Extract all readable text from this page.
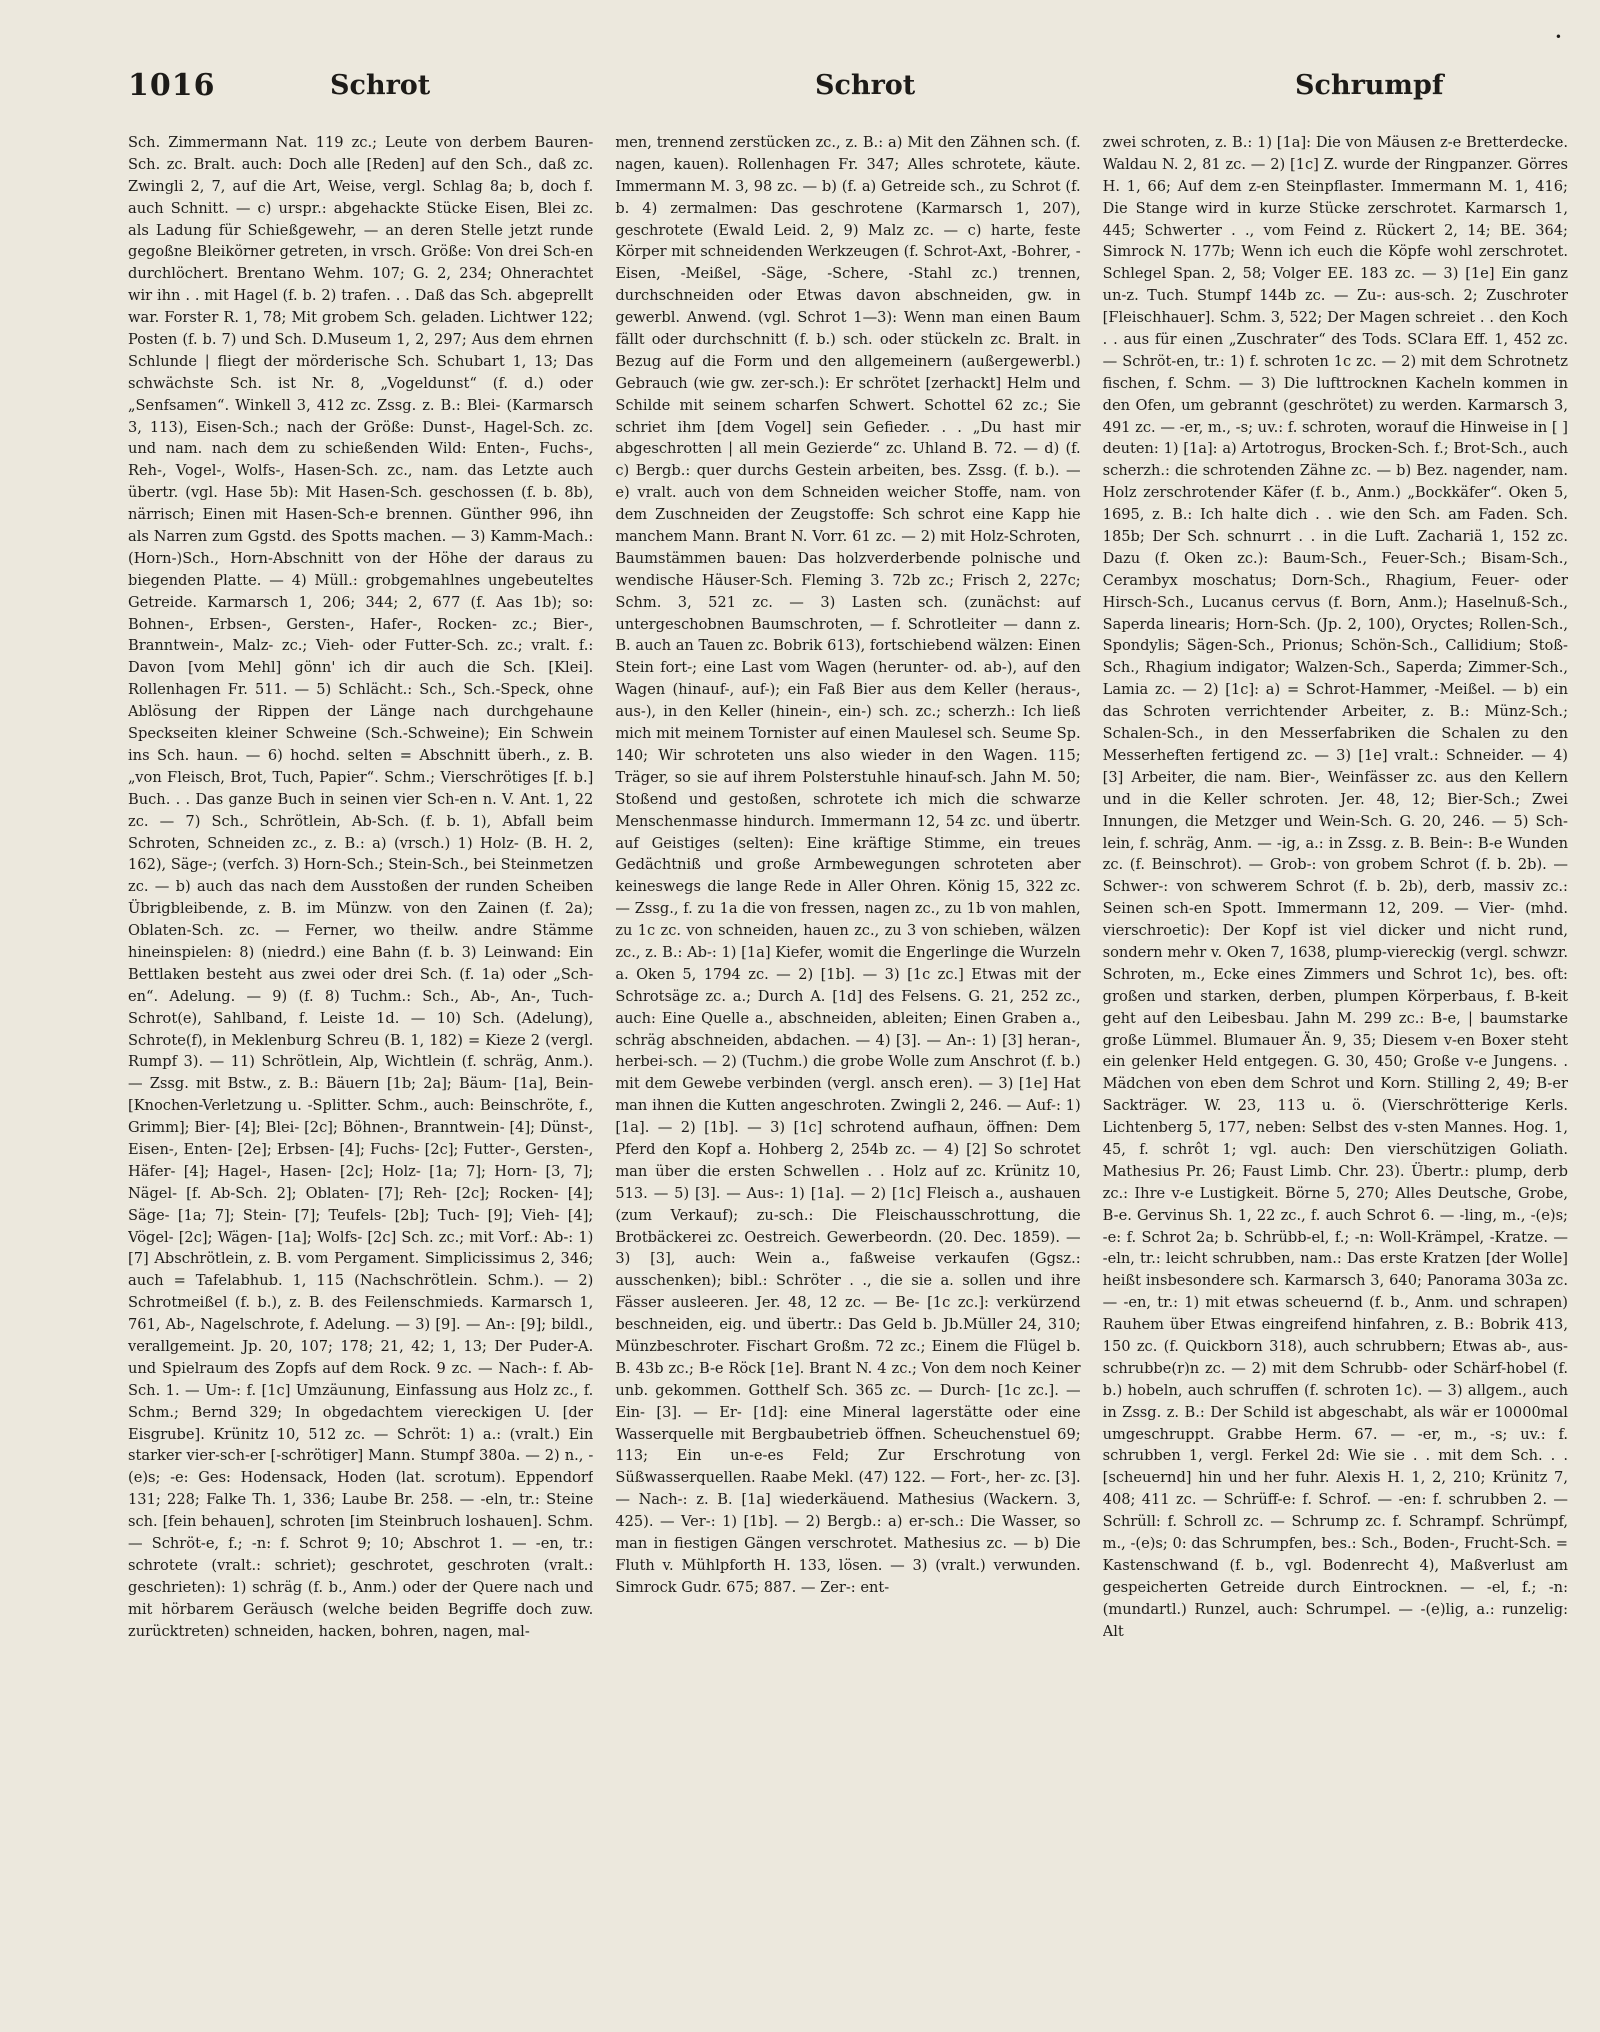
•
1016	Schrot	Schrot	Schrumpf

Sch. Zimmermann Nat. 119 zc.; Leute von derbem Bauren-Sch. zc. Bralt. auch: Doch alle [Reden] auf den Sch., daß zc. Zwingli 2, 7, auf die Art, Weise, vergl. Schlag 8a; b, doch f. auch Schnitt. — c) urspr.: abgehackte Stücke Eisen, Blei zc. als Ladung für Schießgewehr, — an deren Stelle jetzt runde gegoßne Bleikörner getreten, in vrsch. Größe: Von drei Sch-en durchlöchert. Brentano Wehm. 107; G. 2, 234; Ohnerachtet wir ihn . . mit Hagel (f. b. 2) trafen. . . Daß das Sch. abgeprellt war. Forster R. 1, 78; Mit grobem Sch. geladen. Lichtwer 122; Posten (f. b. 7) und Sch. D.Museum 1, 2, 297; Aus dem ehrnen Schlunde | fliegt der mörderische Sch. Schubart 1, 13; Das schwächste Sch. ist Nr. 8, „Vogeldunst“ (f. d.) oder „Senfsamen“. Winkell 3, 412 zc. Zssg. z. B.: Blei- (Karmarsch 3, 113), Eisen-Sch.; nach der Größe: Dunst-, Hagel-Sch. zc. und nam. nach dem zu schießenden Wild: Enten-, Fuchs-, Reh-, Vogel-, Wolfs-, Hasen-Sch. zc., nam. das Letzte auch übertr. (vgl. Hase 5b): Mit Hasen-Sch. geschossen (f. b. 8b), närrisch; Einen mit Hasen-Sch-e brennen. Günther 996, ihn als Narren zum Ggstd. des Spotts machen. — 3) Kamm-Mach.: (Horn-)Sch., Horn-Abschnitt von der Höhe der daraus zu biegenden Platte. — 4) Müll.: grobgemahlnes ungebeuteltes Getreide. Karmarsch 1, 206; 344; 2, 677 (f. Aas 1b); so: Bohnen-, Erbsen-, Gersten-, Hafer-, Rocken- zc.; Bier-, Branntwein-, Malz- zc.; Vieh- oder Futter-Sch. zc.; vralt. f.: Davon [vom Mehl] gönn' ich dir auch die Sch. [Klei]. Rollenhagen Fr. 511. — 5) Schlächt.: Sch., Sch.-Speck, ohne Ablösung der Rippen der Länge nach durchgehaune Speckseiten kleiner Schweine (Sch.-Schweine); Ein Schwein ins Sch. haun. — 6) hochd. selten = Abschnitt überh., z. B. „von Fleisch, Brot, Tuch, Papier“. Schm.; Vierschrötiges [f. b.] Buch. . . Das ganze Buch in seinen vier Sch-en n. V. Ant. 1, 22 zc. — 7) Sch., Schrötlein, Ab-Sch. (f. b. 1), Abfall beim Schroten, Schneiden zc., z. B.: a) (vrsch.) 1) Holz- (B. H. 2, 162), Säge-; (verfch. 3) Horn-Sch.; Stein-Sch., bei Steinmetzen zc. — b) auch das nach dem Ausstoßen der runden Scheiben Übrigbleibende, z. B. im Münzw. von den Zainen (f. 2a); Oblaten-Sch. zc. — Ferner, wo theilw. andre Stämme hineinspielen: 8) (niedrd.) eine Bahn (f. b. 3) Leinwand: Ein Bettlaken besteht aus zwei oder drei Sch. (f. 1a) oder „Sch-en“. Adelung. — 9) (f. 8) Tuchm.: Sch., Ab-, An-, Tuch-Schrot(e), Sahlband, f. Leiste 1d. — 10) Sch. (Adelung), Schrote(f), in Meklenburg Schreu (B. 1, 182) = Kieze 2 (vergl. Rumpf 3). — 11) Schrötlein, Alp, Wichtlein (f. schräg, Anm.). — Zssg. mit Bstw., z. B.: Bäuern [1b; 2a]; Bäum- [1a], Bein- [Knochen-Verletzung u. -Splitter. Schm., auch: Beinschröte, f., Grimm]; Bier- [4]; Blei- [2c]; Böhnen-, Branntwein- [4]; Dünst-, Eisen-, Enten- [2e]; Erbsen- [4]; Fuchs- [2c]; Futter-, Gersten-, Häfer- [4]; Hagel-, Hasen- [2c]; Holz- [1a; 7]; Horn- [3, 7]; Nägel- [f. Ab-Sch. 2]; Oblaten- [7]; Reh- [2c]; Rocken- [4]; Säge- [1a; 7]; Stein- [7]; Teufels- [2b]; Tuch- [9]; Vieh- [4]; Vögel- [2c]; Wägen- [1a]; Wolfs- [2c] Sch. zc.; mit Vorf.: Ab-: 1) [7] Abschrötlein, z. B. vom Pergament. Simplicissimus 2, 346; auch = Tafelabhub. 1, 115 (Nachschrötlein. Schm.). — 2) Schrotmeißel (f. b.), z. B. des Feilenschmieds. Karmarsch 1, 761, Ab-, Nagelschrote, f. Adelung. — 3) [9]. — An-: [9]; bildl., verallgemeint. Jp. 20, 107; 178; 21, 42; 1, 13; Der Puder-A. und Spielraum des Zopfs auf dem Rock. 9 zc. — Nach-: f. Ab-Sch. 1. — Um-: f. [1c] Umzäunung, Einfassung aus Holz zc., f. Schm.; Bernd 329; In obgedachtem viereckigen U. [der Eisgrube]. Krünitz 10, 512 zc. — Schröt: 1) a.: (vralt.) Ein starker vier-sch-er [-schrötiger] Mann. Stumpf 380a. — 2) n., -(e)s; -e: Ges: Hodensack, Hoden (lat. scrotum). Eppendorf 131; 228; Falke Th. 1, 336; Laube Br. 258. — -eln, tr.: Steine sch. [fein behauen], schroten [im Steinbruch loshauen]. Schm. — Schröt-e, f.; -n: f. Schrot 9; 10; Abschrot 1. — -en, tr.: schrotete (vralt.: schriet); geschrotet, geschroten (vralt.: geschrieten): 1) schräg (f. b., Anm.) oder der Quere nach und mit hörbarem Geräusch (welche beiden Begriffe doch zuw. zurücktreten) schneiden, hacken, bohren, nagen, mal-

men, trennend zerstücken zc., z. B.: a) Mit den Zähnen sch. (f. nagen, kauen). Rollenhagen Fr. 347; Alles schrotete, käute. Immermann M. 3, 98 zc. — b) (f. a) Getreide sch., zu Schrot (f. b. 4) zermalmen: Das geschrotene (Karmarsch 1, 207), geschrotete (Ewald Leid. 2, 9) Malz zc. — c) harte, feste Körper mit schneidenden Werkzeugen (f. Schrot-Axt, -Bohrer, -Eisen, -Meißel, -Säge, -Schere, -Stahl zc.) trennen, durchschneiden oder Etwas davon abschneiden, gw. in gewerbl. Anwend. (vgl. Schrot 1—3): Wenn man einen Baum fällt oder durchschnitt (f. b.) sch. oder stückeln zc. Bralt. in Bezug auf die Form und den allgemeinern (außergewerbl.) Gebrauch (wie gw. zer-sch.): Er schrötet [zerhackt] Helm und Schilde mit seinem scharfen Schwert. Schottel 62 zc.; Sie schriet ihm [dem Vogel] sein Gefieder. . . „Du hast mir abgeschrotten | all mein Gezierde“ zc. Uhland B. 72. — d) (f. c) Bergb.: quer durchs Gestein arbeiten, bes. Zssg. (f. b.). — e) vralt. auch von dem Schneiden weicher Stoffe, nam. von dem Zuschneiden der Zeugstoffe: Sch schrot eine Kapp hie manchem Mann. Brant N. Vorr. 61 zc. — 2) mit Holz-Schroten, Baumstämmen bauen: Das holzverderbende polnische und wendische Häuser-Sch. Fleming 3. 72b zc.; Frisch 2, 227c; Schm. 3, 521 zc. — 3) Lasten sch. (zunächst: auf untergeschobnen Baumschroten, — f. Schrotleiter — dann z. B. auch an Tauen zc. Bobrik 613), fortschiebend wälzen: Einen Stein fort-; eine Last vom Wagen (herunter- od. ab-), auf den Wagen (hinauf-, auf-); ein Faß Bier aus dem Keller (heraus-, aus-), in den Keller (hinein-, ein-) sch. zc.; scherzh.: Ich ließ mich mit meinem Tornister auf einen Maulesel sch. Seume Sp. 140; Wir schroteten uns also wieder in den Wagen. 115; Träger, so sie auf ihrem Polsterstuhle hinauf-sch. Jahn M. 50; Stoßend und gestoßen, schrotete ich mich die schwarze Menschenmasse hindurch. Immermann 12, 54 zc. und übertr. auf Geistiges (selten): Eine kräftige Stimme, ein treues Gedächtniß und große Armbewegungen schroteten aber keineswegs die lange Rede in Aller Ohren. König 15, 322 zc. — Zssg., f. zu 1a die von fressen, nagen zc., zu 1b von mahlen, zu 1c zc. von schneiden, hauen zc., zu 3 von schieben, wälzen zc., z. B.: Ab-: 1) [1a] Kiefer, womit die Engerlinge die Wurzeln a. Oken 5, 1794 zc. — 2) [1b]. — 3) [1c zc.] Etwas mit der Schrotsäge zc. a.; Durch A. [1d] des Felsens. G. 21, 252 zc., auch: Eine Quelle a., abschneiden, ableiten; Einen Graben a., schräg abschneiden, abdachen. — 4) [3]. — An-: 1) [3] heran-, herbei-sch. — 2) (Tuchm.) die grobe Wolle zum Anschrot (f. b.) mit dem Gewebe verbinden (vergl. ansch eren). — 3) [1e] Hat man ihnen die Kutten angeschroten. Zwingli 2, 246. — Auf-: 1) [1a]. — 2) [1b]. — 3) [1c] schrotend aufhaun, öffnen: Dem Pferd den Kopf a. Hohberg 2, 254b zc. — 4) [2] So schrotet man über die ersten Schwellen . . Holz auf zc. Krünitz 10, 513. — 5) [3]. — Aus-: 1) [1a]. — 2) [1c] Fleisch a., aushauen (zum Verkauf); zu-sch.: Die Fleischausschrottung, die Brotbäckerei zc. Oestreich. Gewerbeordn. (20. Dec. 1859). — 3) [3], auch: Wein a., faßweise verkaufen (Ggsz.: ausschenken); bibl.: Schröter . ., die sie a. sollen und ihre Fässer ausleeren. Jer. 48, 12 zc. — Be- [1c zc.]: verkürzend beschneiden, eig. und übertr.: Das Geld b. Jb.Müller 24, 310; Münzbeschroter. Fischart Großm. 72 zc.; Einem die Flügel b. B. 43b zc.; B-e Röck [1e]. Brant N. 4 zc.; Von dem noch Keiner unb. gekommen. Gotthelf Sch. 365 zc. — Durch- [1c zc.]. — Ein- [3]. — Er- [1d]: eine Mineral lagerstätte oder eine Wasserquelle mit Bergbaubetrieb öffnen. Scheuchenstuel 69; 113; Ein un-e-es Feld; Zur Erschrotung von Süßwasserquellen. Raabe Mekl. (47) 122. — Fort-, her- zc. [3]. — Nach-: z. B. [1a] wiederkäuend. Mathesius (Wackern. 3, 425). — Ver-: 1) [1b]. — 2) Bergb.: a) er-sch.: Die Wasser, so man in fiestigen Gängen verschrotet. Mathesius zc. — b) Die Fluth v. Mühlpforth H. 133, lösen. — 3) (vralt.) verwunden. Simrock Gudr. 675; 887. — Zer-: ent-

zwei schroten, z. B.: 1) [1a]: Die von Mäusen z-e Bretterdecke. Waldau N. 2, 81 zc. — 2) [1c] Z. wurde der Ringpanzer. Görres H. 1, 66; Auf dem z-en Steinpflaster. Immermann M. 1, 416; Die Stange wird in kurze Stücke zerschrotet. Karmarsch 1, 445; Schwerter . ., vom Feind z. Rückert 2, 14; BE. 364; Simrock N. 177b; Wenn ich euch die Köpfe wohl zerschrotet. Schlegel Span. 2, 58; Volger EE. 183 zc. — 3) [1e] Ein ganz un-z. Tuch. Stumpf 144b zc. — Zu-: aus-sch. 2; Zuschroter [Fleischhauer]. Schm. 3, 522; Der Magen schreiet . . den Koch . . aus für einen „Zuschrater“ des Tods. SClara Eff. 1, 452 zc. — Schröt-en, tr.: 1) f. schroten 1c zc. — 2) mit dem Schrotnetz fischen, f. Schm. — 3) Die lufttrocknen Kacheln kommen in den Ofen, um gebrannt (geschrötet) zu werden. Karmarsch 3, 491 zc. — -er, m., -s; uv.: f. schroten, worauf die Hinweise in [ ] deuten: 1) [1a]: a) Artotrogus, Brocken-Sch. f.; Brot-Sch., auch scherzh.: die schrotenden Zähne zc. — b) Bez. nagender, nam. Holz zerschrotender Käfer (f. b., Anm.) „Bockkäfer“. Oken 5, 1695, z. B.: Ich halte dich . . wie den Sch. am Faden. Sch. 185b; Der Sch. schnurrt . . in die Luft. Zachariä 1, 152 zc. Dazu (f. Oken zc.): Baum-Sch., Feuer-Sch.; Bisam-Sch., Cerambyx moschatus; Dorn-Sch., Rhagium, Feuer- oder Hirsch-Sch., Lucanus cervus (f. Born, Anm.); Haselnuß-Sch., Saperda linearis; Horn-Sch. (Jp. 2, 100), Oryctes; Rollen-Sch., Spondylis; Sägen-Sch., Prionus; Schön-Sch., Callidium; Stoß-Sch., Rhagium indigator; Walzen-Sch., Saperda; Zimmer-Sch., Lamia zc. — 2) [1c]: a) = Schrot-Hammer, -Meißel. — b) ein das Schroten verrichtender Arbeiter, z. B.: Münz-Sch.; Schalen-Sch., in den Messerfabriken die Schalen zu den Messerheften fertigend zc. — 3) [1e] vralt.: Schneider. — 4) [3] Arbeiter, die nam. Bier-, Weinfässer zc. aus den Kellern und in die Keller schroten. Jer. 48, 12; Bier-Sch.; Zwei Innungen, die Metzger und Wein-Sch. G. 20, 246. — 5) Sch-lein, f. schräg, Anm. — -ig, a.: in Zssg. z. B. Bein-: B-e Wunden zc. (f. Beinschrot). — Grob-: von grobem Schrot (f. b. 2b). — Schwer-: von schwerem Schrot (f. b. 2b), derb, massiv zc.: Seinen sch-en Spott. Immermann 12, 209. — Vier- (mhd. vierschroetic): Der Kopf ist viel dicker und nicht rund, sondern mehr v. Oken 7, 1638, plump-viereckig (vergl. schwzr. Schroten, m., Ecke eines Zimmers und Schrot 1c), bes. oft: großen und starken, derben, plumpen Körperbaus, f. B-keit geht auf den Leibesbau. Jahn M. 299 zc.: B-e, | baumstarke große Lümmel. Blumauer Än. 9, 35; Diesem v-en Boxer steht ein gelenker Held entgegen. G. 30, 450; Große v-e Jungens. . Mädchen von eben dem Schrot und Korn. Stilling 2, 49; B-er Sackträger. W. 23, 113 u. ö. (Vierschrötterige Kerls. Lichtenberg 5, 177, neben: Selbst des v-sten Mannes. Hog. 1, 45, f. schrôt 1; vgl. auch: Den vierschützigen Goliath. Mathesius Pr. 26; Faust Limb. Chr. 23). Übertr.: plump, derb zc.: Ihre v-e Lustigkeit. Börne 5, 270; Alles Deutsche, Grobe, B-e. Gervinus Sh. 1, 22 zc., f. auch Schrot 6. — -ling, m., -(e)s; -e: f. Schrot 2a; b. Schrübb-el, f.; -n: Woll-Krämpel, -Kratze. — -eln, tr.: leicht schrubben, nam.: Das erste Kratzen [der Wolle] heißt insbesondere sch. Karmarsch 3, 640; Panorama 303a zc. — -en, tr.: 1) mit etwas scheuernd (f. b., Anm. und schrapen) Rauhem über Etwas eingreifend hinfahren, z. B.: Bobrik 413, 150 zc. (f. Quickborn 318), auch schrubbern; Etwas ab-, aus-schrubbe(r)n zc. — 2) mit dem Schrubb- oder Schärf-hobel (f. b.) hobeln, auch schruffen (f. schroten 1c). — 3) allgem., auch in Zssg. z. B.: Der Schild ist abgeschabt, als wär er 10000mal umgeschruppt. Grabbe Herm. 67. — -er, m., -s; uv.: f. schrubben 1, vergl. Ferkel 2d: Wie sie . . mit dem Sch. . . [scheuernd] hin und her fuhr. Alexis H. 1, 2, 210; Krünitz 7, 408; 411 zc. — Schrüff-e: f. Schrof. — -en: f. schrubben 2. — Schrüll: f. Schroll zc. — Schrump zc. f. Schrampf. Schrümpf, m., -(e)s; 0: das Schrumpfen, bes.: Sch., Boden-, Frucht-Sch. = Kastenschwand (f. b., vgl. Bodenrecht 4), Maßverlust am gespeicherten Getreide durch Eintrocknen. — -el, f.; -n: (mundartl.) Runzel, auch: Schrumpel. — -(e)lig, a.: runzelig: Alt
